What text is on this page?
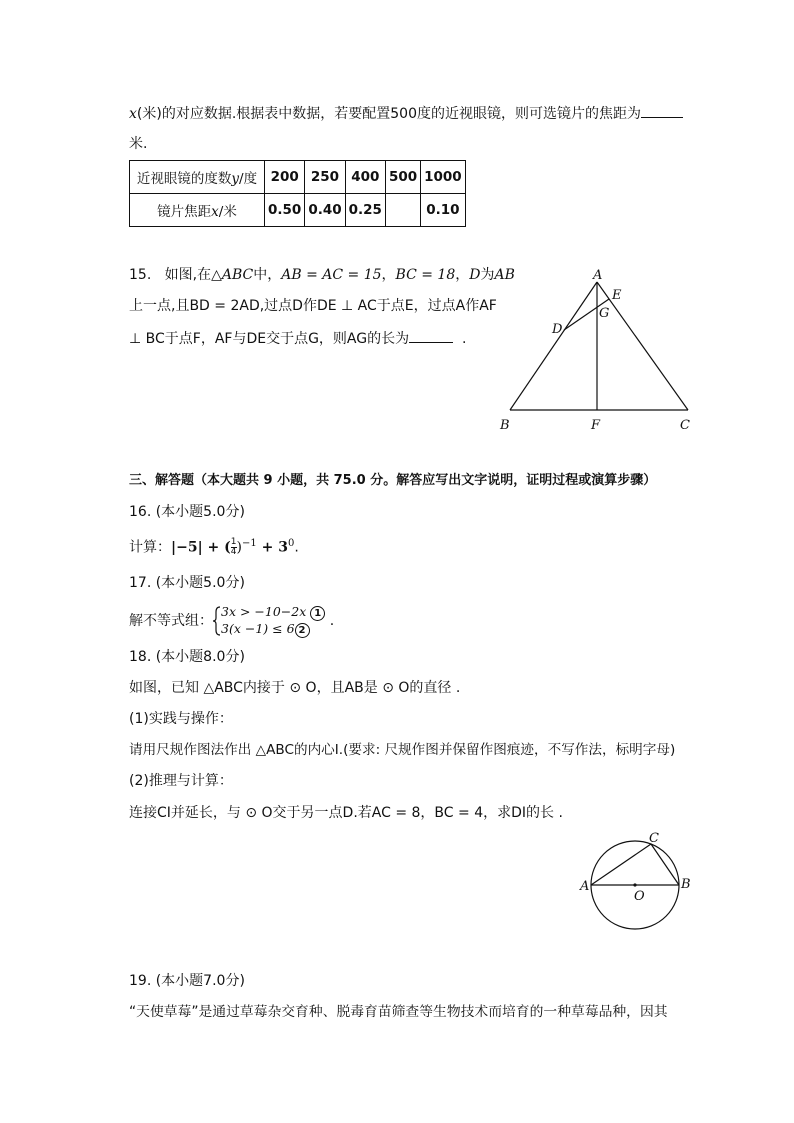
x(米)的对应数据.根据表中数据，若要配置500度的近视眼镜，则可选镜片的焦距为
米.
近视眼镜的度数y/度	200	250	400	500	1000
镜片焦距x/米	0.50	0.40	0.25		0.10
15. 如图,在△ABC中，AB = AC = 15，BC = 18，D为AB
上一点,且BD = 2AD,过点D作DE ⊥ AC于点E，过点A作AF
⊥ BC于点F，AF与DE交于点G，则AG的长为	.
A
E
G
D
B	F	C
三、解答题（本大题共 9 小题，共 75.0 分。解答应写出文字说明，证明过程或演算步骤）
16. (本小题5.0分)
计算：|−5| + ( $\frac{1}{4} )^{-1} + 3^0$.
17. (本小题5.0分)
解不等式组：
3x > −10−2x 1
3(x −1) ≤ 6 2
.
18. (本小题8.0分)
如图，已知 △ABC内接于 ⊙ O，且AB是 ⊙ O的直径 .
(1)实践与操作：
请用尺规作图法作出 △ABC的内心I.(要求: 尺规作图并保留作图痕迹，不写作法，标明字母)
(2)推理与计算：
连接CI并延长，与 ⊙ O交于另一点D.若AC = 8，BC = 4，求DI的长 .
C
A	B
O
19. (本小题7.0分)
“天使草莓”是通过草莓杂交育种、脱毒育苗筛查等生物技术而培育的一种草莓品种，因其
